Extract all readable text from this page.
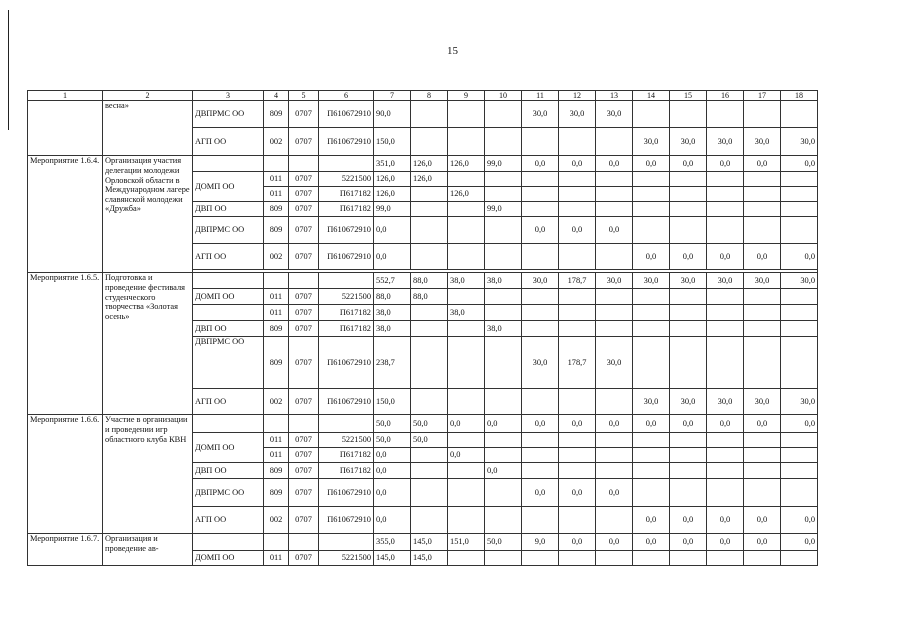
15
1	2	3	4	5	6	7	8	9	10	11	12	13	14	15	16	17	18
	весна»	ДВПРМС ОО	809	0707	П610672910	90,0				30,0	30,0	30,0					
		АГП ОО	002	0707	П610672910	150,0							30,0	30,0	30,0	30,0	30,0
Мероприятие 1.6.4.	Организация участия делегации молодежи Орловской области в Международном лагере славянской молодежи «Дружба»					351,0	126,0	126,0	99,0	0,0	0,0	0,0	0,0	0,0	0,0	0,0	0,0
		ДОМП ОО	011	0707	5221500	126,0	126,0										
			011	0707	П617182	126,0		126,0									
		ДВП ОО	809	0707	П617182	99,0			99,0								
		ДВПРМС ОО	809	0707	П610672910	0,0				0,0	0,0	0,0					
		АГП ОО	002	0707	П610672910	0,0							0,0	0,0	0,0	0,0	0,0

Мероприятие 1.6.5.	Подготовка и проведение фестиваля студенческого творчества «Золотая осень»					552,7	88,0	38,0	38,0	30,0	178,7	30,0	30,0	30,0	30,0	30,0	30,0
		ДОМП ОО	011	0707	5221500	88,0	88,0										
			011	0707	П617182	38,0		38,0									
		ДВП ОО	809	0707	П617182	38,0			38,0								
		ДВПРМС ОО	809	0707	П610672910	238,7				30,0	178,7	30,0					
		АГП ОО	002	0707	П610672910	150,0							30,0	30,0	30,0	30,0	30,0
Мероприятие 1.6.6.	Участие в организации и проведении игр областного клуба КВН					50,0	50,0	0,0	0,0	0,0	0,0	0,0	0,0	0,0	0,0	0,0	0,0
		ДОМП ОО	011	0707	5221500	50,0	50,0										
			011	0707	П617182	0,0		0,0									
		ДВП ОО	809	0707	П617182	0,0			0,0								
		ДВПРМС ОО	809	0707	П610672910	0,0				0,0	0,0	0,0					
		АГП ОО	002	0707	П610672910	0,0							0,0	0,0	0,0	0,0	0,0
Мероприятие 1.6.7.	Организация и проведение ав-					355,0	145,0	151,0	50,0	9,0	0,0	0,0	0,0	0,0	0,0	0,0	0,0
		ДОМП ОО	011	0707	5221500	145,0	145,0										
